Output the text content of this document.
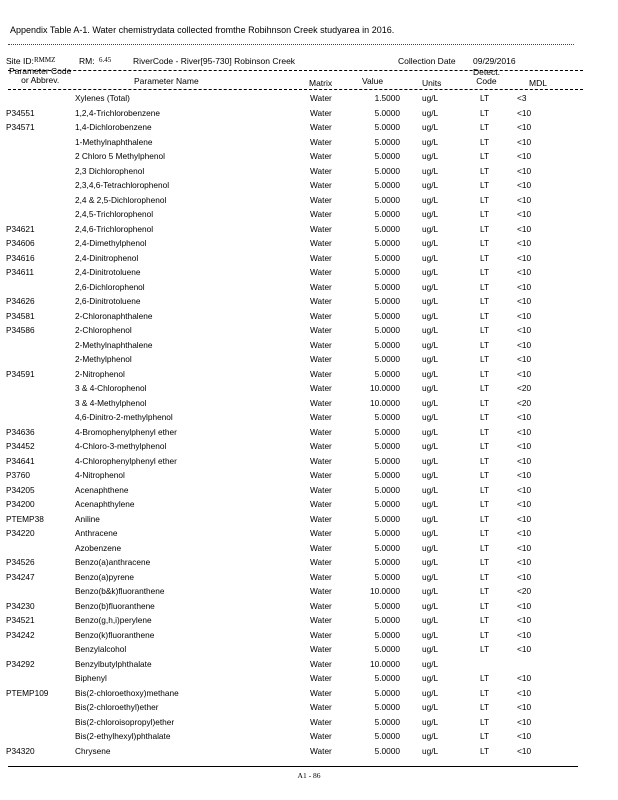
Appendix Table A-1. Water chemistrydata collected fromthe Robihnson Creek studyarea in 2016.
Site ID: RMMZ	RM: 6.45	RiverCode - River[95-730] Robinson Creek	Collection Date 09/29/2016
Parameter Code
or Abbrev.	Parameter Name	Matrix	Value	Units
Detect.
Code	MDL
Xylenes (Total)	Water	1.5000	ug/L	LT	<3
P34551	1,2,4-Trichlorobenzene	Water	5.0000	ug/L	LT	<10
P34571	1,4-Dichlorobenzene	Water	5.0000	ug/L	LT	<10
1-Methylnaphthalene	Water	5.0000	ug/L	LT	<10
2 Chloro 5 Methylphenol	Water	5.0000	ug/L	LT	<10
2,3 Dichlorophenol	Water	5.0000	ug/L	LT	<10
2,3,4,6-Tetrachlorophenol	Water	5.0000	ug/L	LT	<10
2,4 & 2,5-Dichlorophenol	Water	5.0000	ug/L	LT	<10
2,4,5-Trichlorophenol	Water	5.0000	ug/L	LT	<10
P34621	2,4,6-Trichlorophenol	Water	5.0000	ug/L	LT	<10
P34606	2,4-Dimethylphenol	Water	5.0000	ug/L	LT	<10
P34616	2,4-Dinitrophenol	Water	5.0000	ug/L	LT	<10
P34611	2,4-Dinitrotoluene	Water	5.0000	ug/L	LT	<10
2,6-Dichlorophenol	Water	5.0000	ug/L	LT	<10
P34626	2,6-Dinitrotoluene	Water	5.0000	ug/L	LT	<10
P34581	2-Chloronaphthalene	Water	5.0000	ug/L	LT	<10
P34586	2-Chlorophenol	Water	5.0000	ug/L	LT	<10
2-Methylnaphthalene	Water	5.0000	ug/L	LT	<10
2-Methylphenol	Water	5.0000	ug/L	LT	<10
P34591	2-Nitrophenol	Water	5.0000	ug/L	LT	<10
3 & 4-Chlorophenol	Water	10.0000	ug/L	LT	<20
3 & 4-Methylphenol	Water	10.0000	ug/L	LT	<20
4,6-Dinitro-2-methylphenol	Water	5.0000	ug/L	LT	<10
P34636	4-Bromophenylphenyl ether	Water	5.0000	ug/L	LT	<10
P34452	4-Chloro-3-methylphenol	Water	5.0000	ug/L	LT	<10
P34641	4-Chlorophenylphenyl ether	Water	5.0000	ug/L	LT	<10
P3760	4-Nitrophenol	Water	5.0000	ug/L	LT	<10
P34205	Acenaphthene	Water	5.0000	ug/L	LT	<10
P34200	Acenaphthylene	Water	5.0000	ug/L	LT	<10
PTEMP38	Aniline	Water	5.0000	ug/L	LT	<10
P34220	Anthracene	Water	5.0000	ug/L	LT	<10
Azobenzene	Water	5.0000	ug/L	LT	<10
P34526	Benzo(a)anthracene	Water	5.0000	ug/L	LT	<10
P34247	Benzo(a)pyrene	Water	5.0000	ug/L	LT	<10
Benzo(b&k)fluoranthene	Water	10.0000	ug/L	LT	<20
P34230	Benzo(b)fluoranthene	Water	5.0000	ug/L	LT	<10
P34521	Benzo(g,h,i)perylene	Water	5.0000	ug/L	LT	<10
P34242	Benzo(k)fluoranthene	Water	5.0000	ug/L	LT	<10
Benzylalcohol	Water	5.0000	ug/L	LT	<10
P34292	Benzylbutylphthalate	Water	10.0000	ug/L
Biphenyl	Water	5.0000	ug/L	LT	<10
PTEMP109	Bis(2-chloroethoxy)methane	Water	5.0000	ug/L	LT	<10
Bis(2-chloroethyl)ether	Water	5.0000	ug/L	LT	<10
Bis(2-chloroisopropyl)ether	Water	5.0000	ug/L	LT	<10
Bis(2-ethylhexyl)phthalate	Water	5.0000	ug/L	LT	<10
P34320	Chrysene	Water	5.0000	ug/L	LT	<10
A1 - 86
